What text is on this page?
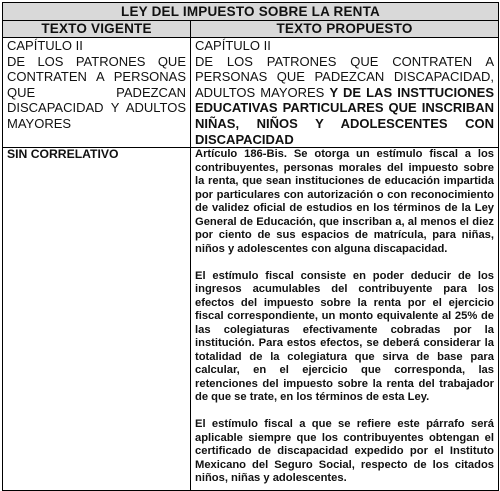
LEY DEL IMPUESTO SOBRE LA RENTA	
TEXTO VIGENTE	TEXTO PROPUESTO

CAPÍTULO II
DE LOS PATRONES QUE CONTRATEN A PERSONAS QUE PADEZCAN DISCAPACIDAD Y ADULTOS MAYORES	CAPÍTULO II
DE LOS PATRONES QUE CONTRATEN A PERSONAS QUE PADEZCAN DISCAPACIDAD, ADULTOS MAYORES Y DE LAS INSTTUCIONES EDUCATIVAS PARTICULARES QUE INSCRIBAN NIÑAS, NIÑOS Y ADOLESCENTES CON DISCAPACIDAD
SIN CORRELATIVO	Artículo 186-Bis. Se otorga un estímulo fiscal a los contribuyentes, personas morales del impuesto sobre la renta, que sean instituciones de educación impartida por particulares con autorización o con reconocimiento de validez oficial de estudios en los términos de la Ley General de Educación, que inscriban a, al menos el diez por ciento de sus espacios de matrícula, para niñas, niños y adolescentes con alguna discapacidad.

El estímulo fiscal consiste en poder deducir de los ingresos acumulables del contribuyente para los efectos del impuesto sobre la renta por el ejercicio fiscal correspondiente, un monto equivalente al 25% de las colegiaturas efectivamente cobradas por la institución. Para estos efectos, se deberá considerar la totalidad de la colegiatura que sirva de base para calcular, en el ejercicio que corresponda, las retenciones del impuesto sobre la renta del trabajador de que se trate, en los términos de esta Ley.

El estímulo fiscal a que se refiere este párrafo será aplicable siempre que los contribuyentes obtengan el certificado de discapacidad expedido por el Instituto Mexicano del Seguro Social, respecto de los citados niños, niñas y adolescentes.
